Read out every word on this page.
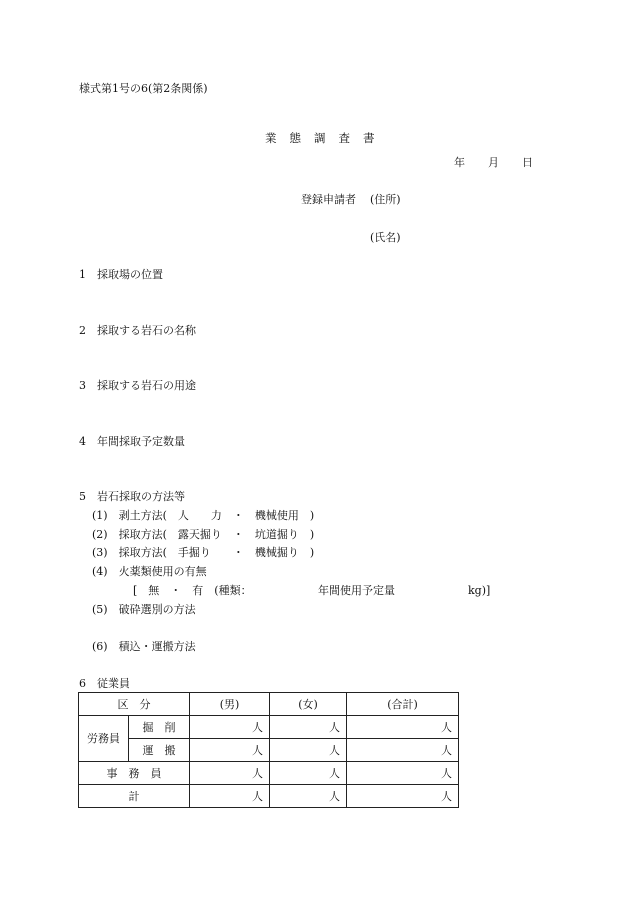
様式第1号の6(第2条関係)

業 態 調 査 書

年 月 日
登録申請者 (住所)
(氏名)
1　採取場の位置
2　採取する岩石の名称
3　採取する岩石の用途
4　年間採取予定数量
5　岩石採取の方法等
(1)　剥土方法(　人　　力　・　機械使用　)
(2)　採取方法(　露天掘り　・　坑道掘り　)
(3)　採取方法(　手掘り　　・　機械掘り　)
(4)　火薬類使用の有無
[　無　・　有　(種類：	年間使用予定量	kg)]
(5)　破砕選別の方法
(6)　積込・運搬方法
6　従業員
区　分		(男)	(女)	(合計)
労務員	掘　削	人	人	人
	運　搬	人	人	人
事　務　員		人	人	人
計		人	人	人
